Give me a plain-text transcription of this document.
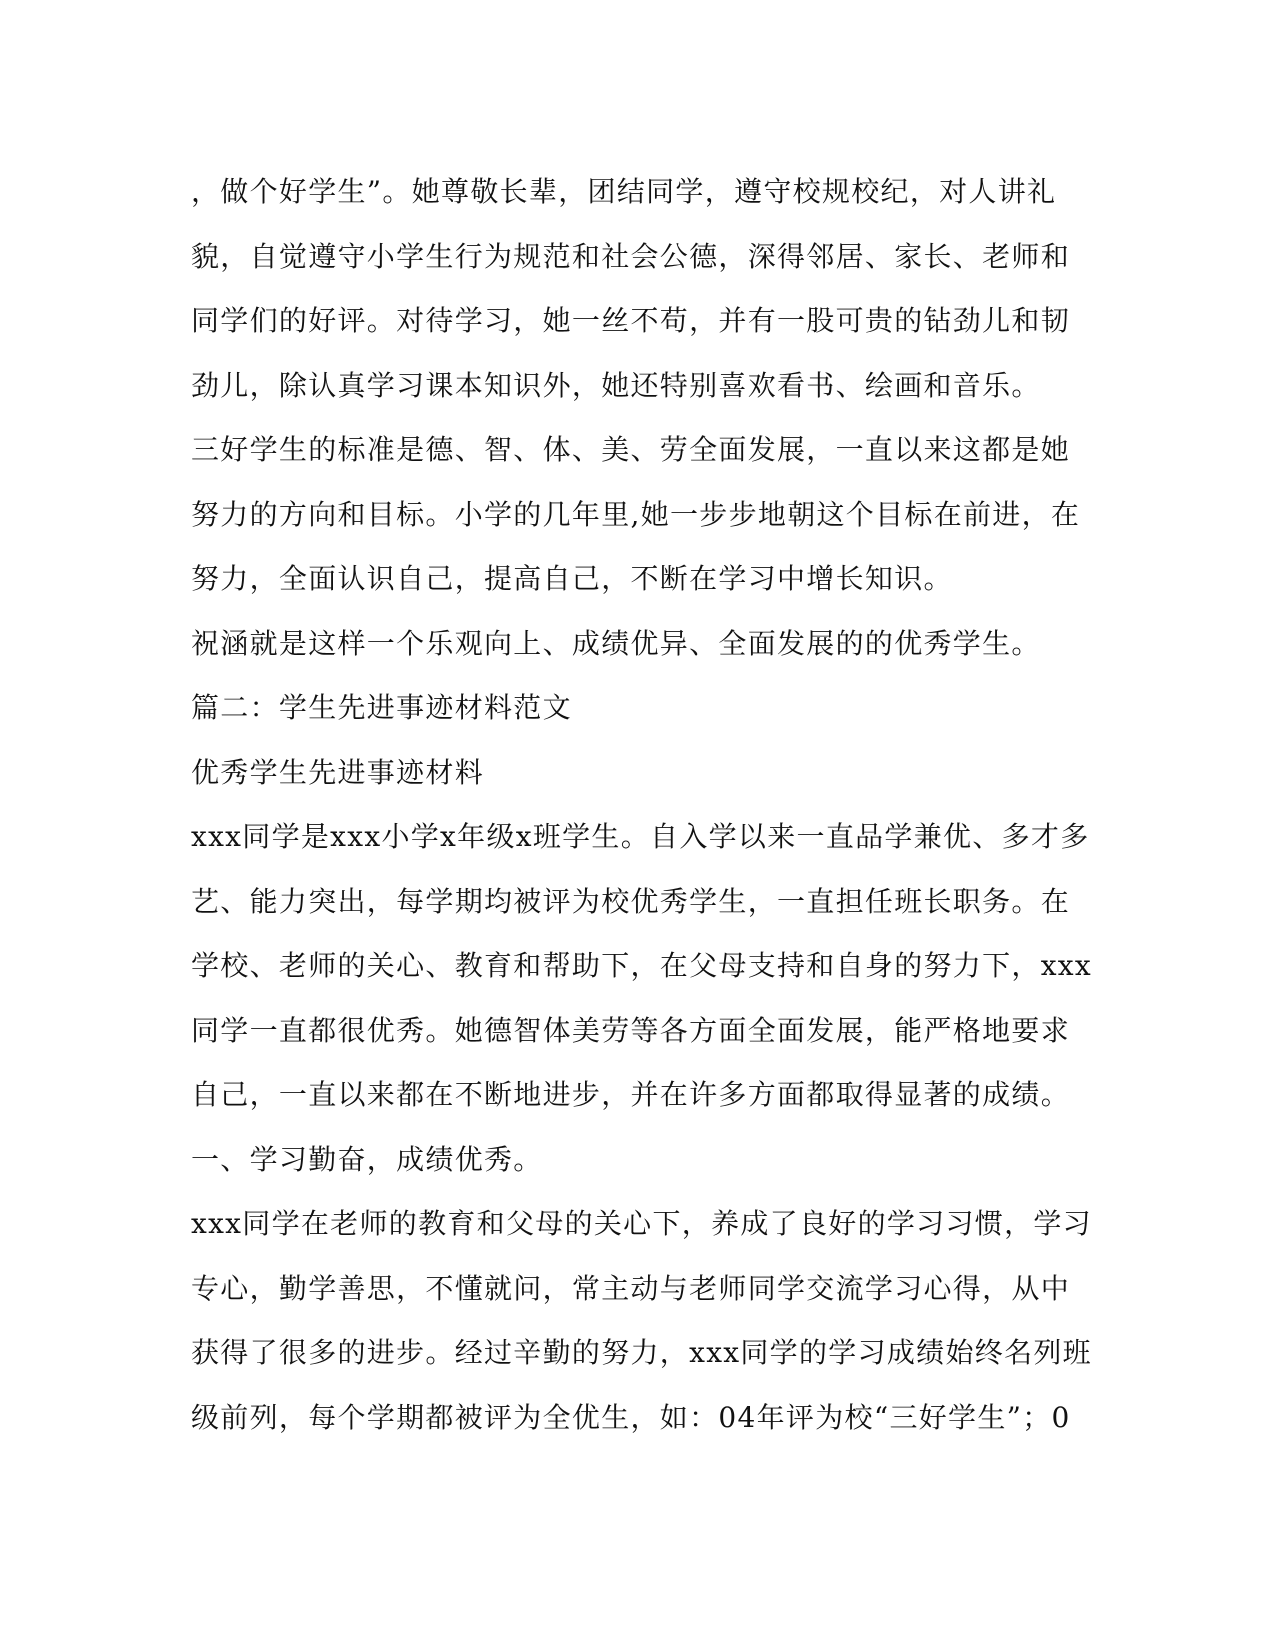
，做个好学生”。她尊敬长辈，团结同学，遵守校规校纪，对人讲礼
貌，自觉遵守小学生行为规范和社会公德，深得邻居、家长、老师和
同学们的好评。对待学习，她一丝不苟，并有一股可贵的钻劲儿和韧
劲儿，除认真学习课本知识外，她还特别喜欢看书、绘画和音乐。
三好学生的标准是德、智、体、美、劳全面发展，一直以来这都是她
努力的方向和目标。小学的几年里,她一步步地朝这个目标在前进，在
努力，全面认识自己，提高自己，不断在学习中增长知识。
祝涵就是这样一个乐观向上、成绩优异、全面发展的的优秀学生。
篇二：学生先进事迹材料范文
优秀学生先进事迹材料
xxx同学是xxx小学x年级x班学生。自入学以来一直品学兼优、多才多
艺、能力突出，每学期均被评为校优秀学生，一直担任班长职务。在
学校、老师的关心、教育和帮助下，在父母支持和自身的努力下，xxx
同学一直都很优秀。她德智体美劳等各方面全面发展，能严格地要求
自己，一直以来都在不断地进步，并在许多方面都取得显著的成绩。
一、学习勤奋，成绩优秀。
xxx同学在老师的教育和父母的关心下，养成了良好的学习习惯，学习
专心，勤学善思，不懂就问，常主动与老师同学交流学习心得，从中
获得了很多的进步。经过辛勤的努力，xxx同学的学习成绩始终名列班
级前列，每个学期都被评为全优生，如：04年评为校“三好学生”；0
